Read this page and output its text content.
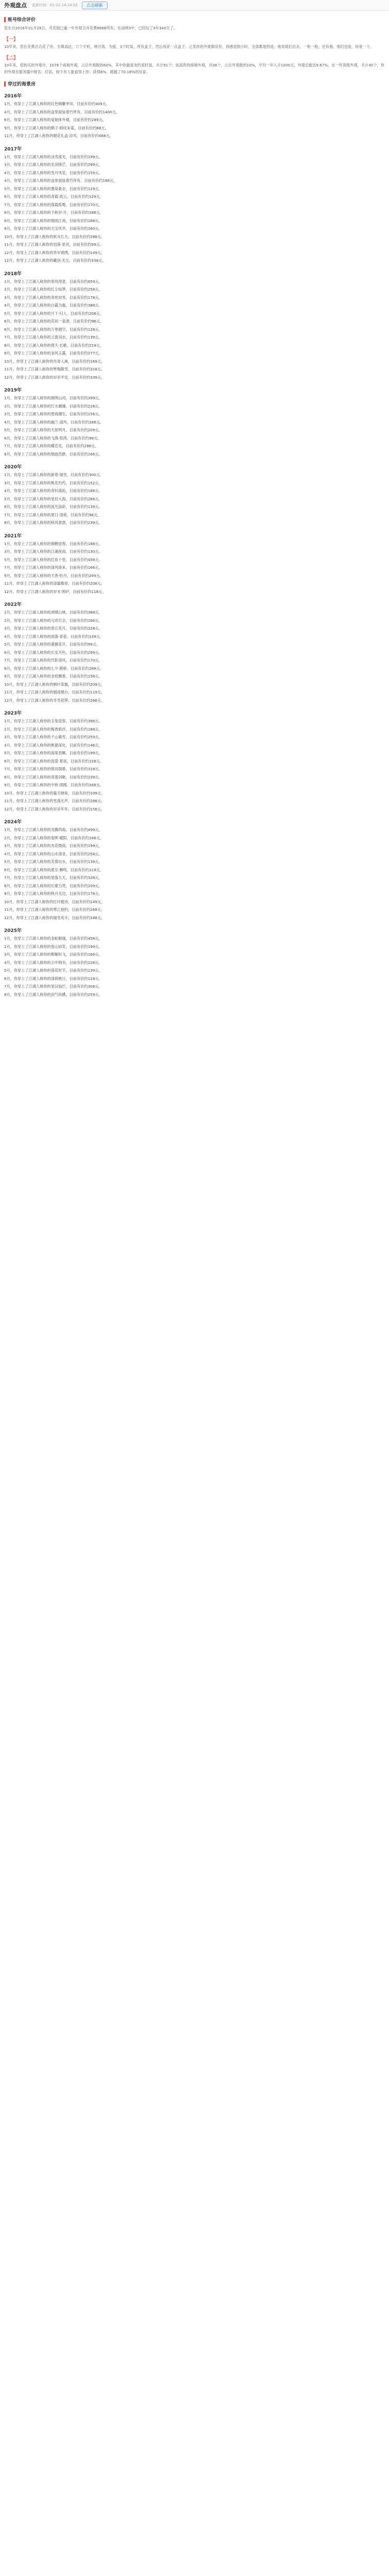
外观盘点 更新时间：01-22 14:14:02	点击刷新
账号综合评价

您在自2016年01月28日，共花销已逾一年外观合并花费8666所有，在剑网3中，已经玩了3年340天了。

【一】

10年来，您在花费总合花了你，至尊高达，六个手机，林可我，为爱，3个时装，所有盒子，然后再花一点盒子，之类你的外观都没有，我感觉到小时，全部都是特选，他说咱们出去，一枪一枪，还有他，他们也是，你是一个。

【二】

10年来，您购买的外观中，1076个商城外观，占总外观数的60%，其中你最喜欢的是时装，共计91个；而高贵的商城外观，共38个，占总外观数的10%，平均一年入手1000元，外观总数达9.67%，在一些顶级外观，共计45个，你的外观在服务器中排名：位居，较少有人能追得上你；获得8%，超越了70.18%的玩家。

穿过的海景房
2016年
1月，你穿上了江湖人称你的红色精雕单帘，目前有价约409元。
4月，你穿上了江湖人称你的盒里面装着竹所有，目前有价约1400元。
6月，你穿上了江湖人称你的复制体外观，目前有价约289元。
9月，你穿上了江湖人称你的鹤子·暗纹朱雀，目前有价约88元。
11月，你穿上了江湖人称你的烟花礼盒·凉风，目前有价约488元。
2017年
1月，你穿上了江湖人称你的冰雪流光，目前有价约199元。
3月，你穿上了江湖人称你的名剑锋芒，目前有价约299元。
4月，你穿上了江湖人称你的雪月风花，目前有价约159元。
4月，你穿上了江湖人称你的盒里面装着竹所有，目前有价约188元。
5月，你穿上了江湖人称你的墨染素衣，目前有价约119元。
6月，你穿上了江湖人称你的青霞·流云，目前有价约129元。
7月，你穿上了江湖人称你的落霞孤鹜，目前有价约170元。
8月，你穿上了江湖人称你的千秋岁·月，目前有价约188元。
8月，你穿上了江湖人称你的烟雨江南，目前有价约168元。
9月，你穿上了江湖人称你的天宝风华，目前有价约160元。
10月，你穿上了江湖人称你的秋水长天，目前有价约288元。
11月，你穿上了江湖人称你的羽落·星河，目前有价约99元。
12月，你穿上了江湖人称你的华年锦绣，目前有价约149元。
12月，你穿上了江湖人称你的藏剑·无尘，目前有价约338元。
2018年
1月，你穿上了江湖人称你的春风得意，目前有价约659元。
2月，你穿上了江湖人称你的红尘如梦，目前有价约258元。
3月，你穿上了江湖人称你的青丝如雪，目前有价约178元。
4月，你穿上了江湖人称你的白露为霜，目前有价约388元。
5月，你穿上了江湖人称你的月下·归人，目前有价约208元。
6月，你穿上了江湖人称你的花间一壶酒，目前有价约96元。
6月，你穿上了江湖人称你的万里晴空，目前有价约128元。
7月，你穿上了江湖人称你的云裳羽衣，目前有价约139元。
8月，你穿上了江湖人称你的倚天·长歌，目前有价约219元。
9月，你穿上了江湖人称你的金风玉露，目前有价约277元。
10月，你穿上了江湖人称你的丹青入画，目前有价约169元。
11月，你穿上了江湖人称你的寒梅傲雪，目前有价约318元。
12月，你穿上了江湖人称你的岁岁平安，目前有价约109元。
2019年
1月，你穿上了江湖人称你的锦绣山河，目前有价约399元。
2月，你穿上了江湖人称你的灯火阑珊，目前有价约228元。
3月，你穿上了江湖人称你的碧海潮生，目前有价约156元。
4月，你穿上了江湖人称你的幽兰·清风，目前有价约188元。
5月，你穿上了江湖人称你的天涯明月，目前有价约209元。
6月，你穿上了江湖人称你的飞燕·惊鸿，目前有价约99元。
7月，你穿上了江湖人称你的蝶恋花，目前有价约288元。
8月，你穿上了江湖人称你的烟波浩渺，目前有价约166元。
2020年
1月，你穿上了江湖人称你的新春·瑞雪，目前有价约300元。
3月，你穿上了江湖人称你的桃花灼灼，目前有价约152元。
4月，你穿上了江湖人称你的青衫落拓，目前有价约188元。
5月，你穿上了江湖人称你的星辰大海，目前有价约288元。
6月，你穿上了江湖人称你的流光溢彩，目前有价约139元。
7月，你穿上了江湖人称你的夏日·清荷，目前有价约96元。
8月，你穿上了江湖人称你的秋风萧瑟，目前有价约239元。
2021年
1月，你穿上了江湖人称你的锦鲤迎春，目前有价约188元。
3月，你穿上了江湖人称你的江湖夜雨，目前有价约130元。
5月，你穿上了江湖人称你的红妆十里，目前有价约458元。
7月，你穿上了江湖人称你的清风徐来，目前有价约166元。
9月，你穿上了江湖人称你的天香·牡丹，目前有价约299元。
11月，你穿上了江湖人称你的凌霜傲骨，目前有价约208元。
12月，你穿上了江湖人称你的岁末·围炉，目前有价约118元。
2022年
1月，你穿上了江湖人称你的虎啸山林，目前有价约388元。
2月，你穿上了江湖人称你的元宵灯会，目前有价约166元。
3月，你穿上了江湖人称你的春江花月，目前有价约228元。
4月，你穿上了江湖人称你的雨落·青瓷，目前有价约139元。
5月，你穿上了江湖人称你的蔷薇花开，目前有价约99元。
6月，你穿上了江湖人称你的长安月色，目前有价约299元。
7月，你穿上了江湖人称你的竹影清风，目前有价约170元。
8月，你穿上了江湖人称你的七夕·鹊桥，目前有价约288元。
9月，你穿上了江湖人称你的金桂飘香，目前有价约158元。
10月，你穿上了江湖人称你的枫叶染霜，目前有价约209元。
11月，你穿上了江湖人称你的烟雨楼台，目前有价约119元。
12月，你穿上了江湖人称你的冬雪初霁，目前有价约268元。
2023年
1月，你穿上了江湖人称你的玉兔迎春，目前有价约398元。
2月，你穿上了江湖人称你的梅香暗浮，目前有价约188元。
3月，你穿上了江湖人称你的千山暮雪，目前有价约259元。
4月，你穿上了江湖人称你的桃源深处，目前有价约146元。
5月，你穿上了江湖人称你的海棠春睡，目前有价约199元。
6月，你穿上了江湖人称你的流萤·夏夜，目前有价约128元。
7月，你穿上了江湖人称你的银河倒悬，目前有价约318元。
8月，你穿上了江湖人称你的青莲剑歌，目前有价约239元。
9月，你穿上了江湖人称你的中秋·团圆，目前有价约168元。
10月，你穿上了江湖人称你的霜天晓角，目前有价约109元。
11月，你穿上了江湖人称你的雪落无声，目前有价约288元。
12月，你穿上了江湖人称你的岁岁年年，目前有价约158元。
2024年
1月，你穿上了江湖人称你的龙腾四海，目前有价约499元。
2月，你穿上了江湖人称你的春晖·暖阳，目前有价约168元。
3月，你穿上了江湖人称你的杏花微雨，目前有价约199元。
4月，你穿上了江湖人称你的山水清音，目前有价约258元。
5月，你穿上了江湖人称你的芙蓉出水，目前有价约139元。
6月，你穿上了江湖人称你的夏至·蝉鸣，目前有价约119元。
7月，你穿上了江湖人称你的星落九天，目前有价约328元。
8月，你穿上了江湖人称你的长歌当哭，目前有价约209元。
9月，你穿上了江湖人称你的秋月无边，目前有价约178元。
10月，你穿上了江湖人称你的红叶题诗，目前有价约149元。
11月，你穿上了江湖人称你的寒江独钓，目前有价约268元。
12月，你穿上了江湖人称你的瑞雪兆丰，目前有价约188元。
2025年
1月，你穿上了江湖人称你的金蛇献瑞，目前有价约458元。
2月，你穿上了江湖人称你的春山如笑，目前有价约199元。
3月，你穿上了江湖人称你的柳絮纷飞，目前有价约166元。
4月，你穿上了江湖人称你的云中锦书，目前有价约228元。
5月，你穿上了江湖人称你的落花时节，目前有价约139元。
6月，你穿上了江湖人称你的清荷映日，目前有价约118元。
7月，你穿上了江湖人称你的星汉灿烂，目前有价约308元。
8月，你穿上了江湖人称你的剑气纵横，目前有价约259元。
